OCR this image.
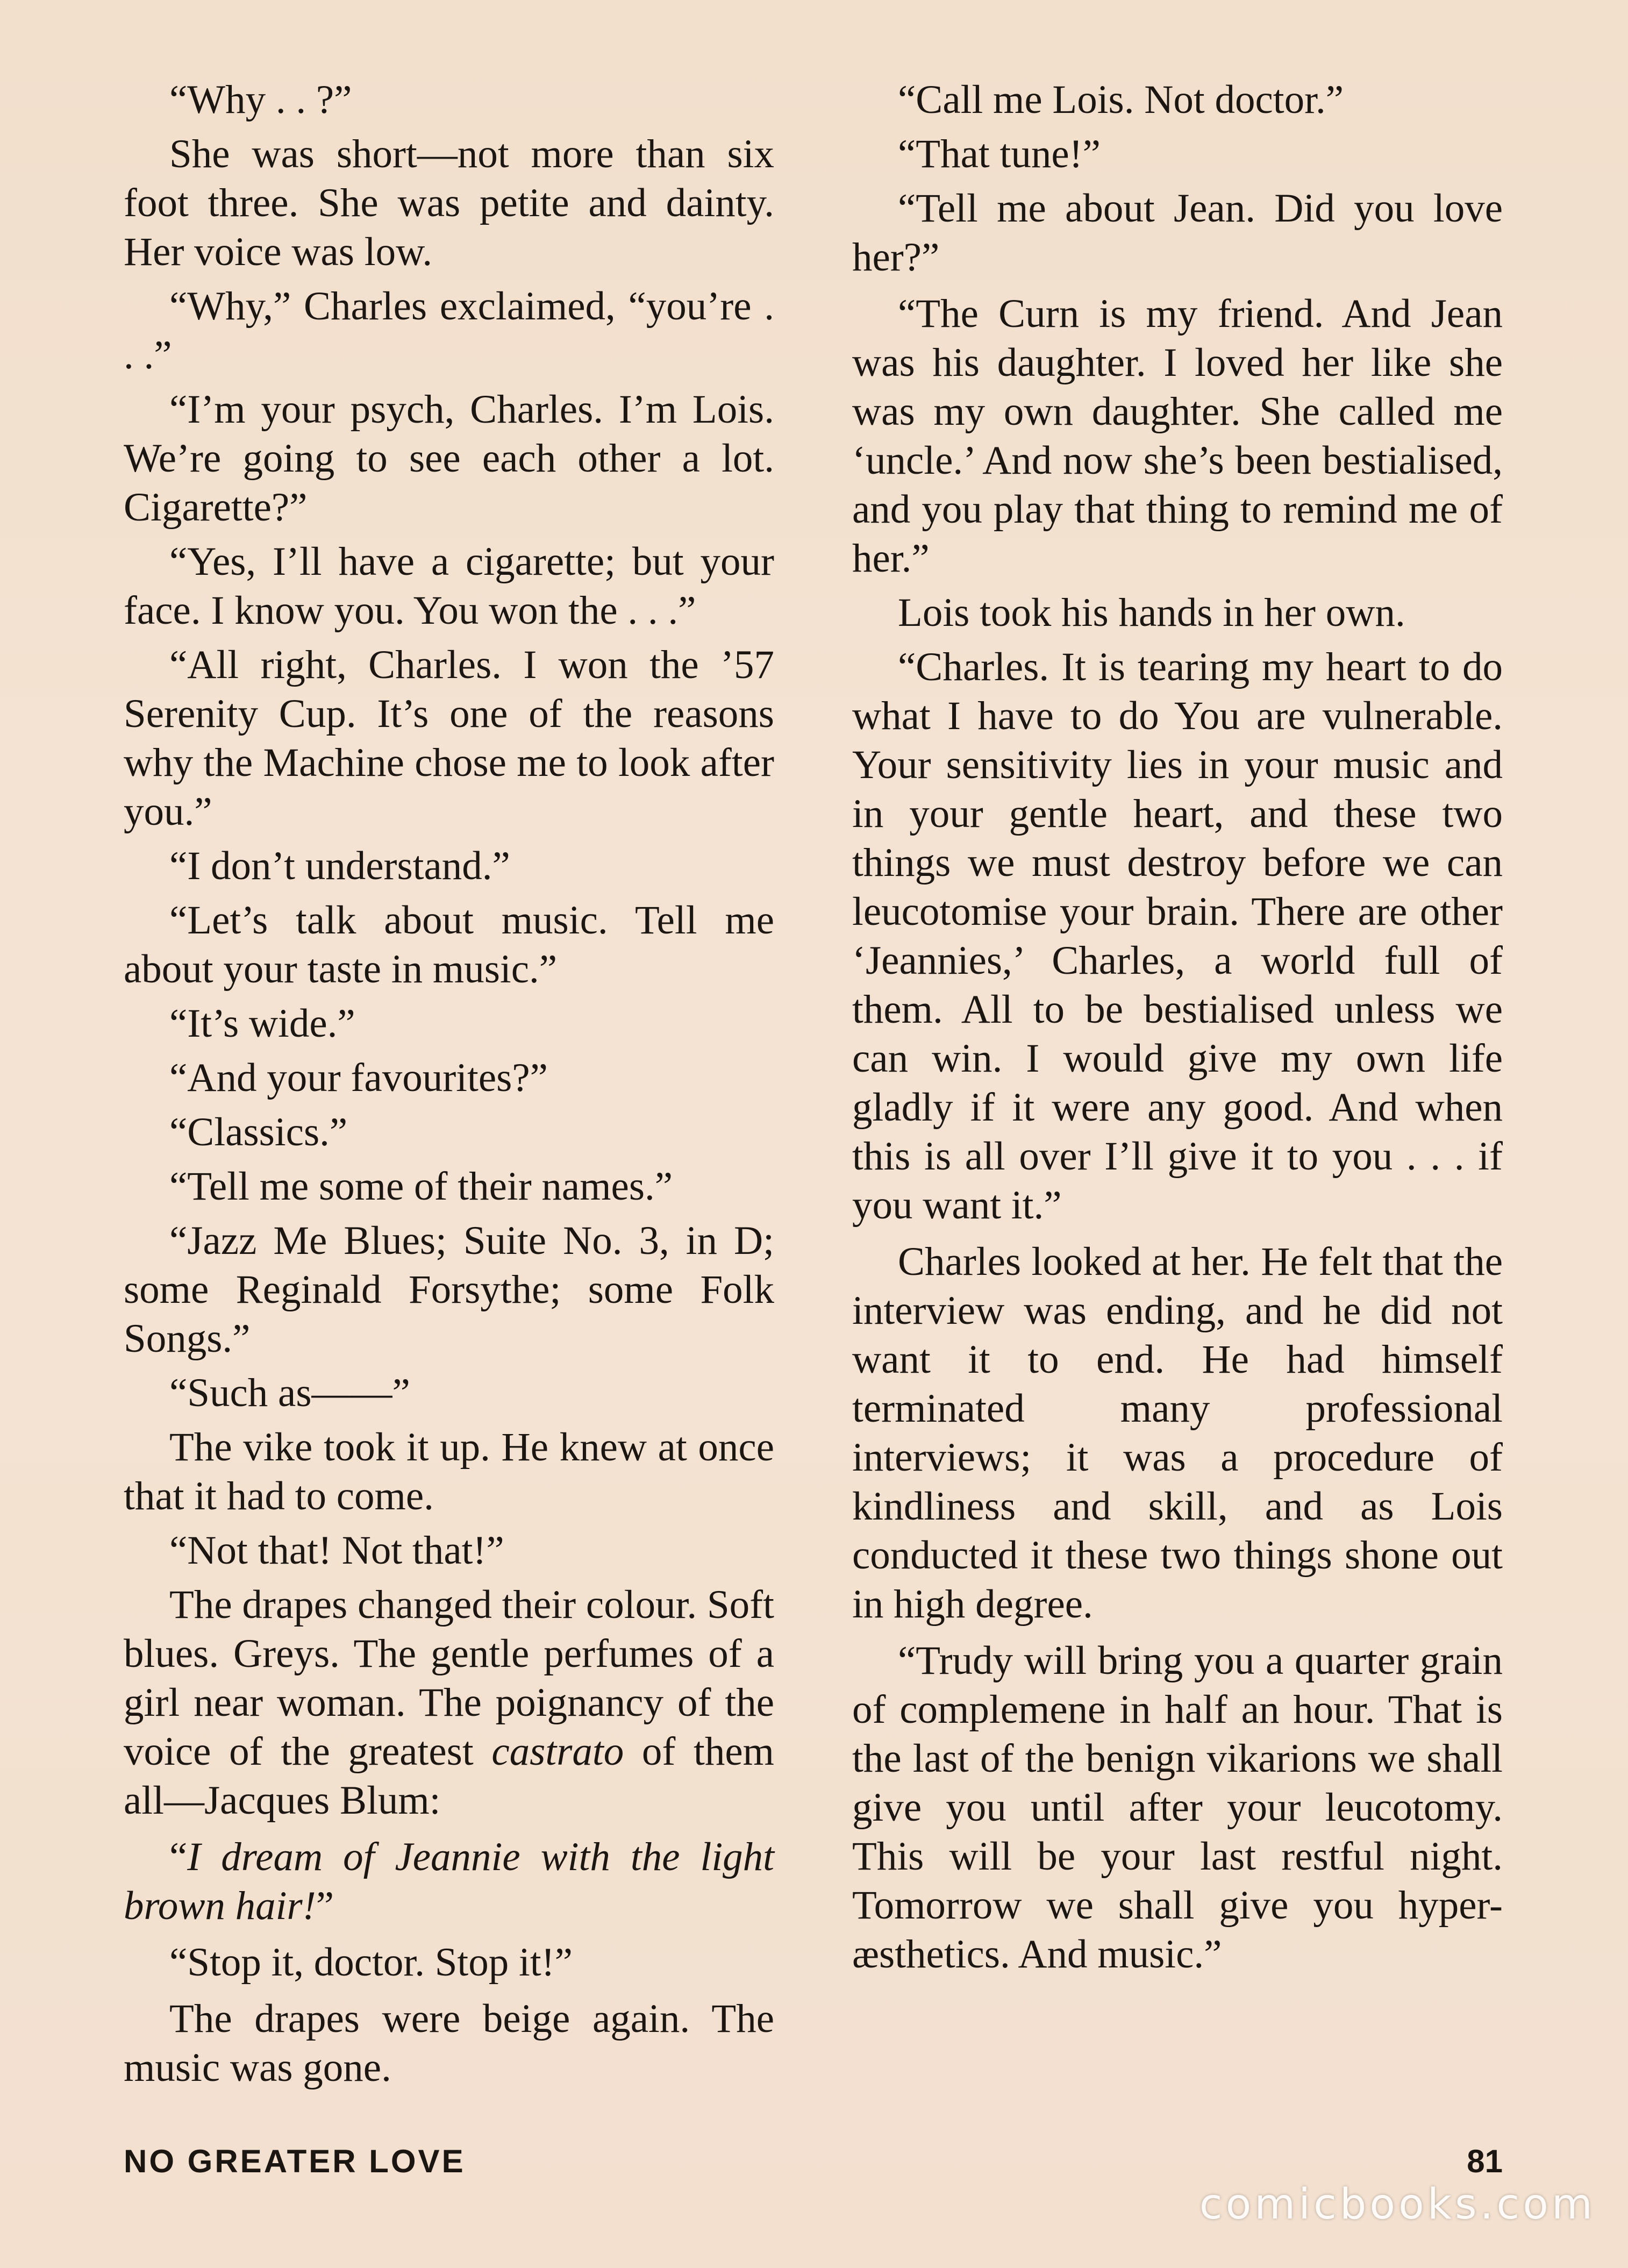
“Why . . ?”

She was short—not more than six foot three. She was petite and dainty. Her voice was low.

“Why,” Charles exclaimed, “you’re . . .”

“I’m your psych, Charles. I’m Lois. We’re going to see each other a lot. Cigarette?”

“Yes, I’ll have a cigarette; but your face. I know you. You won the . . .”

“All right, Charles. I won the ’57 Serenity Cup. It’s one of the reasons why the Machine chose me to look after you.”

“I don’t understand.”

“Let’s talk about music. Tell me about your taste in music.”

“It’s wide.”

“And your favourites?”

“Classics.”

“Tell me some of their names.”

“Jazz Me Blues; Suite No. 3, in D; some Reginald Forsythe; some Folk Songs.”

“Such as——”

The vike took it up. He knew at once that it had to come.

“Not that! Not that!”

The drapes changed their colour. Soft blues. Greys. The gentle perfumes of a girl near woman. The poignancy of the voice of the greatest castrato of them all—Jacques Blum:

“I dream of Jeannie with the light brown hair!”

“Stop it, doctor. Stop it!”

The drapes were beige again. The music was gone.

“Call me Lois. Not doctor.”

“That tune!”

“Tell me about Jean. Did you love her?”

“The Curn is my friend. And Jean was his daughter. I loved her like she was my own daughter. She called me ‘uncle.’ And now she’s been bestialised, and you play that thing to remind me of her.”

Lois took his hands in her own.

“Charles. It is tearing my heart to do what I have to do You are vulnerable. Your sensitivity lies in your music and in your gentle heart, and these two things we must destroy before we can leucotomise your brain. There are other ‘Jeannies,’ Charles, a world full of them. All to be bestialised unless we can win. I would give my own life gladly if it were any good. And when this is all over I’ll give it to you . . . if you want it.”

Charles looked at her. He felt that the interview was ending, and he did not want it to end. He had himself terminated many professional interviews; it was a procedure of kindliness and skill, and as Lois conducted it these two things shone out in high degree.

“Trudy will bring you a quarter grain of complemene in half an hour. That is the last of the benign vikarions we shall give you until after your leucotomy. This will be your last restful night. Tomorrow we shall give you hyper-æsthetics. And music.”

NO GREATER LOVE	81
comicbooks.com
